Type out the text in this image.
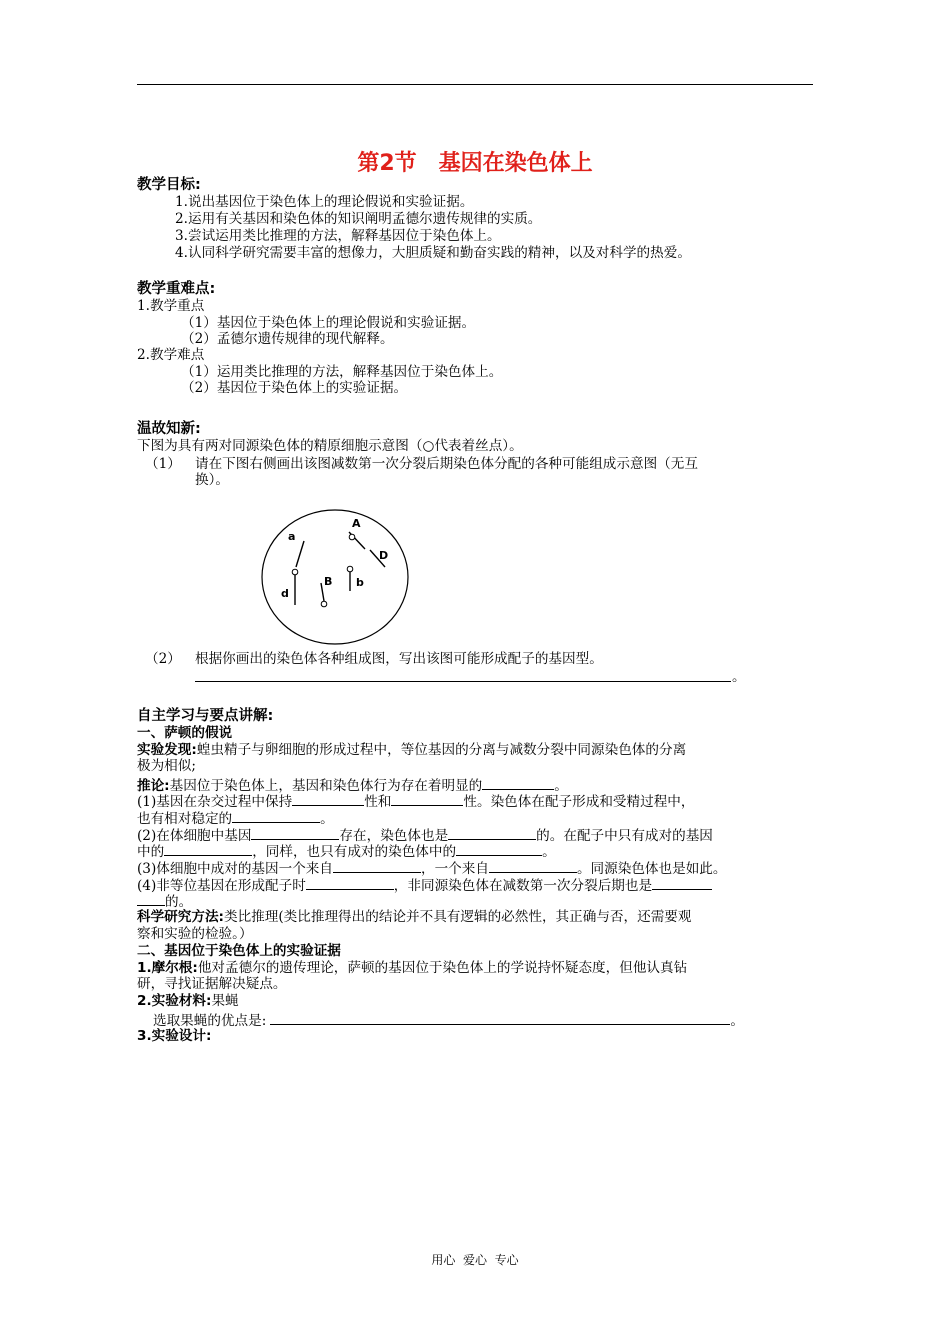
第2节　基因在染色体上
教学目标:
1.说出基因位于染色体上的理论假说和实验证据。
2.运用有关基因和染色体的知识阐明孟德尔遗传规律的实质。
3.尝试运用类比推理的方法，解释基因位于染色体上。
4.认同科学研究需要丰富的想像力，大胆质疑和勤奋实践的精神，以及对科学的热爱。
教学重难点:
1.教学重点
（1）基因位于染色体上的理论假说和实验证据。
（2）孟德尔遗传规律的现代解释。
2.教学难点
（1）运用类比推理的方法，解释基因位于染色体上。
（2）基因位于染色体上的实验证据。
温故知新:
下图为具有两对同源染色体的精原细胞示意图（○代表着丝点）。
（1） 请在下图右侧画出该图减数第一次分裂后期染色体分配的各种可能组成示意图（无互
换）。
a
A
D
B b
d
（2） 根据你画出的染色体各种组成图，写出该图可能形成配子的基因型。
。
自主学习与要点讲解:
一、萨顿的假说
实验发现:蝗虫精子与卵细胞的形成过程中，等位基因的分离与减数分裂中同源染色体的分离
极为相似;
推论:基因位于染色体上，基因和染色体行为存在着明显的	。
(1)基因在杂交过程中保持	性和	性。染色体在配子形成和受精过程中，
也有相对稳定的	。
(2)在体细胞中基因	存在，染色体也是	的。在配子中只有成对的基因
中的	，同样，也只有成对的染色体中的	。
(3)体细胞中成对的基因一个来自	，一个来自	。同源染色体也是如此。
(4)非等位基因在形成配子时	，非同源染色体在减数第一次分裂后期也是
的。
科学研究方法:类比推理(类比推理得出的结论并不具有逻辑的必然性，其正确与否，还需要观
察和实验的检验。）
二、基因位于染色体上的实验证据
1.摩尔根:他对孟德尔的遗传理论，萨顿的基因位于染色体上的学说持怀疑态度，但他认真钻
研，寻找证据解决疑点。
2.实验材料:果蝇
选取果蝇的优点是:	。
3.实验设计:
用心  爱心  专心
